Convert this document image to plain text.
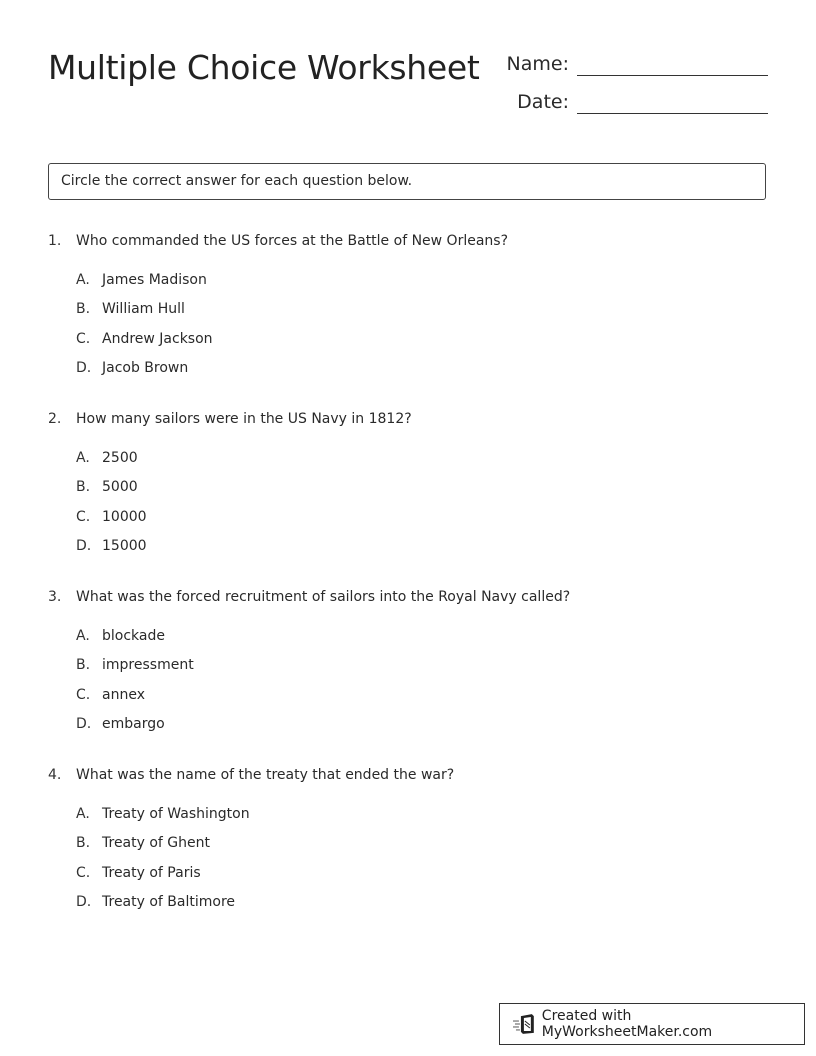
Multiple Choice Worksheet	Name:
Date:
Circle the correct answer for each question below.
1.	Who commanded the US forces at the Battle of New Orleans?
A. James Madison
B. William Hull
C. Andrew Jackson
D. Jacob Brown
2.	How many sailors were in the US Navy in 1812?
A. 2500
B. 5000
C. 10000
D. 15000
3.	What was the forced recruitment of sailors into the Royal Navy called?
A. blockade
B. impressment
C. annex
D. embargo
4.	What was the name of the treaty that ended the war?
A. Treaty of Washington
B. Treaty of Ghent
C. Treaty of Paris
D. Treaty of Baltimore
Created with MyWorksheetMaker.com
